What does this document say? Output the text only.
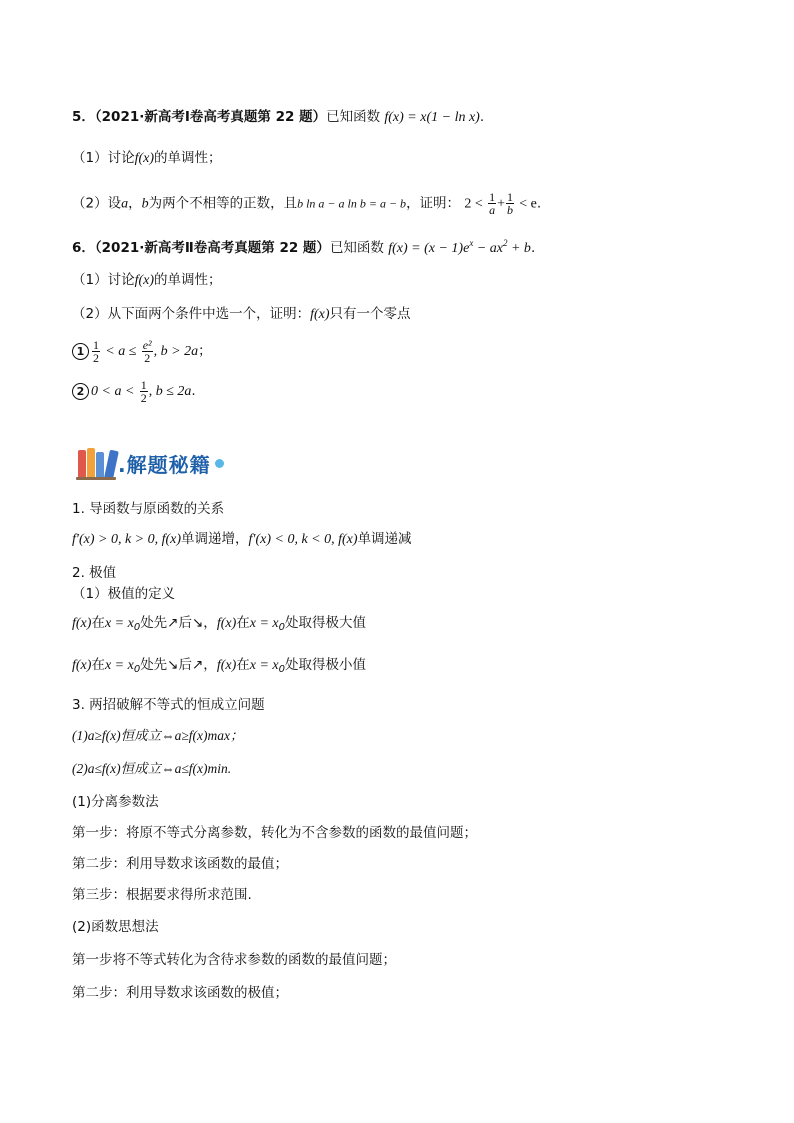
5．（2021·新高考Ⅰ卷高考真题第 22 题）已知函数 f(x) = x(1 − ln x).
（1）讨论f(x)的单调性；
（2）设a，b为两个不相等的正数，且b ln a − a ln b = a − b，证明： $2 < \frac{1}{a} + \frac{1}{b} < e$.
6．（2021·新高考Ⅱ卷高考真题第 22 题）已知函数 $f(x) = (x - 1)e^x - ax^2 + b$.
（1）讨论f(x)的单调性；
（2）从下面两个条件中选一个，证明：f(x)只有一个零点
$1 \frac{1}{2} < a \le \frac{\text{e²}}{2}$ , b > 2a；
2 $0 < a < \frac{1}{2}$ , b ≤ 2a.
.解题秘籍
1. 导函数与原函数的关系
f′(x) > 0, k > 0, f(x)单调递增，f′(x) < 0, k < 0, f(x)单调递减
2. 极值
（1）极值的定义
f(x)在$x = x_0$处先↗后↘，f(x)在$x = x_0$处取得极大值
f(x)在$x = x_0$处先↘后↗，f(x)在$x = x_0$处取得极小值
3. 两招破解不等式的恒成立问题
(1)a≥f(x)恒成立⇔a≥f(x)max；
(2)a≤f(x)恒成立⇔a≤f(x)min.
(1)分离参数法
第一步：将原不等式分离参数，转化为不含参数的函数的最值问题；
第二步：利用导数求该函数的最值；
第三步：根据要求得所求范围.
(2)函数思想法
第一步将不等式转化为含待求参数的函数的最值问题；
第二步：利用导数求该函数的极值；
